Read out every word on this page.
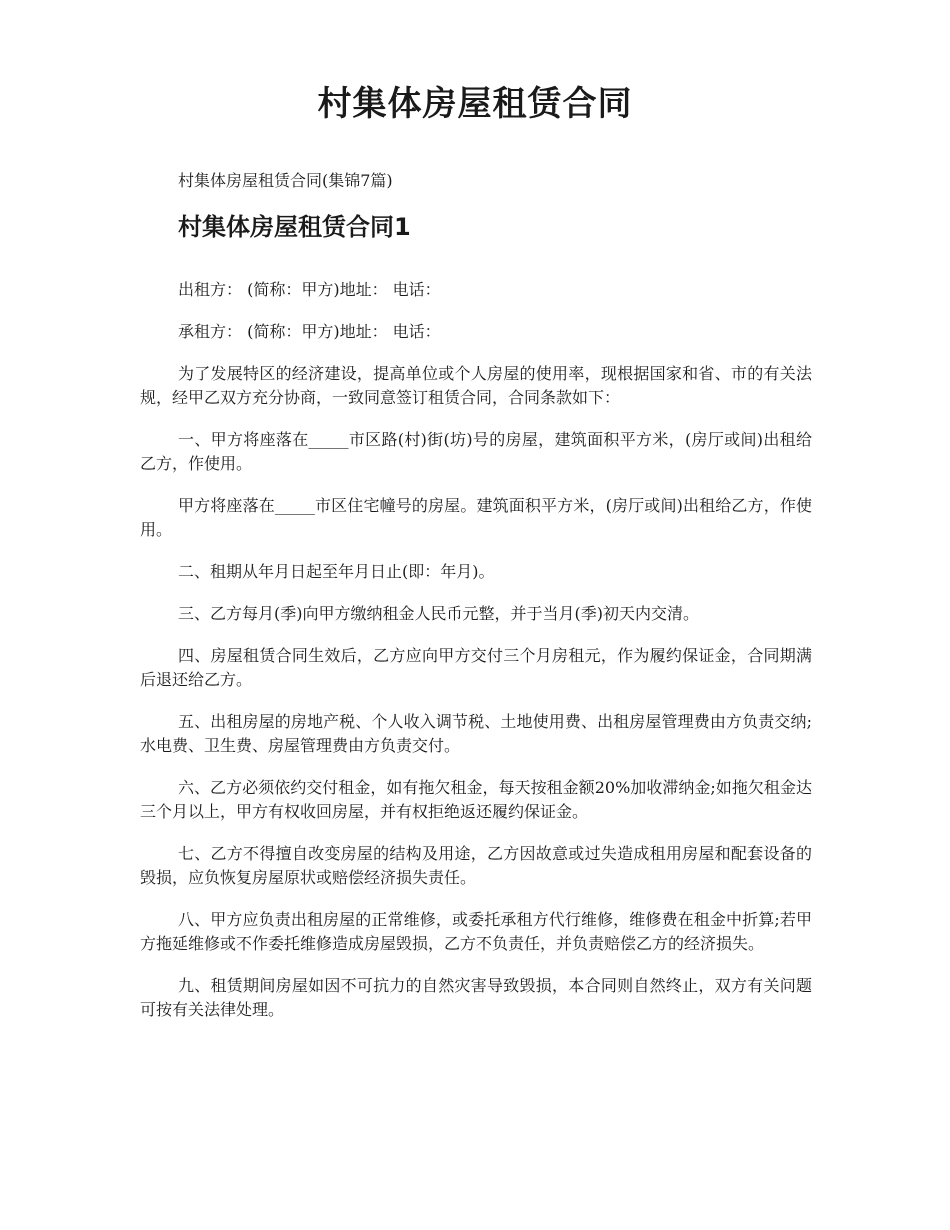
村集体房屋租赁合同

村集体房屋租赁合同(集锦7篇)

村集体房屋租赁合同1

出租方： (简称：甲方)地址： 电话：

承租方： (简称：甲方)地址： 电话：

为了发展特区的经济建设，提高单位或个人房屋的使用率，现根据国家和省、市的有关法规，经甲乙双方充分协商，一致同意签订租赁合同，合同条款如下：

一、甲方将座落在_____市区路(村)街(坊)号的房屋，建筑面积平方米，(房厅或间)出租给乙方，作使用。

甲方将座落在_____市区住宅幢号的房屋。建筑面积平方米，(房厅或间)出租给乙方，作使用。

二、租期从年月日起至年月日止(即：年月)。

三、乙方每月(季)向甲方缴纳租金人民币元整，并于当月(季)初天内交清。

四、房屋租赁合同生效后，乙方应向甲方交付三个月房租元，作为履约保证金，合同期满后退还给乙方。

五、出租房屋的房地产税、个人收入调节税、土地使用费、出租房屋管理费由方负责交纳;水电费、卫生费、房屋管理费由方负责交付。

六、乙方必须依约交付租金，如有拖欠租金，每天按租金额20%加收滞纳金;如拖欠租金达三个月以上，甲方有权收回房屋，并有权拒绝返还履约保证金。

七、乙方不得擅自改变房屋的结构及用途，乙方因故意或过失造成租用房屋和配套设备的毁损，应负恢复房屋原状或赔偿经济损失责任。

八、甲方应负责出租房屋的正常维修，或委托承租方代行维修，维修费在租金中折算;若甲方拖延维修或不作委托维修造成房屋毁损，乙方不负责任，并负责赔偿乙方的经济损失。

九、租赁期间房屋如因不可抗力的自然灾害导致毁损，本合同则自然终止，双方有关问题可按有关法律处理。
